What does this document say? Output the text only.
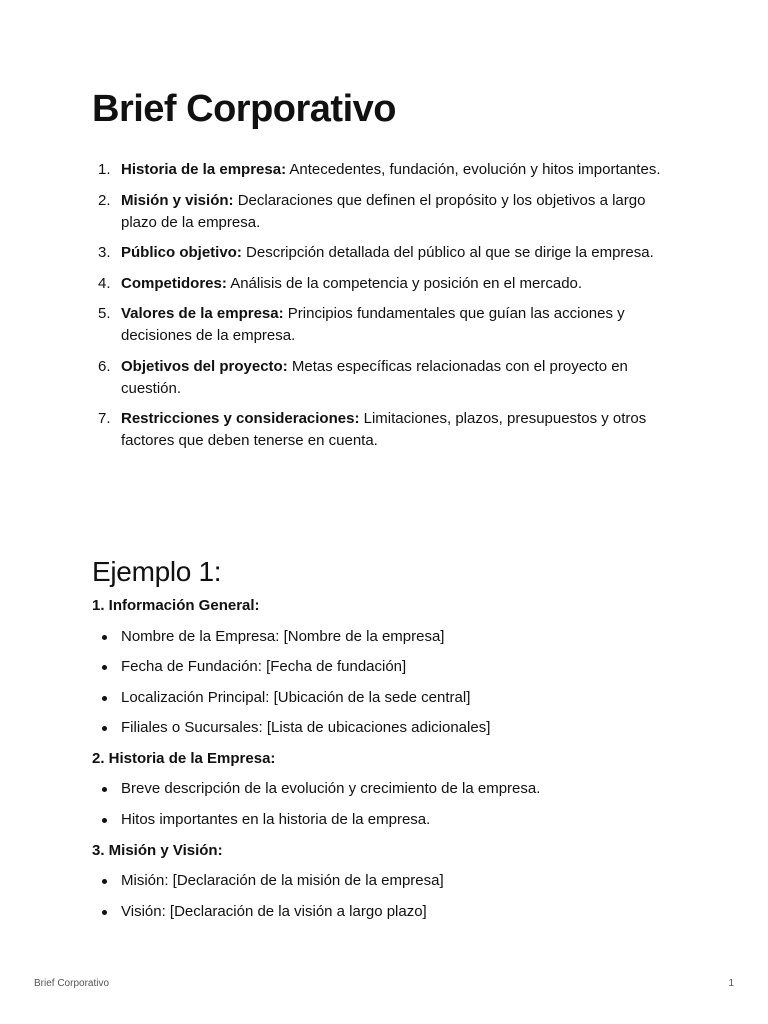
Brief Corporativo
1. Historia de la empresa: Antecedentes, fundación, evolución y hitos importantes.
2. Misión y visión: Declaraciones que definen el propósito y los objetivos a largo plazo de la empresa.
3. Público objetivo: Descripción detallada del público al que se dirige la empresa.
4. Competidores: Análisis de la competencia y posición en el mercado.
5. Valores de la empresa: Principios fundamentales que guían las acciones y decisiones de la empresa.
6. Objetivos del proyecto: Metas específicas relacionadas con el proyecto en cuestión.
7. Restricciones y consideraciones: Limitaciones, plazos, presupuestos y otros factores que deben tenerse en cuenta.
Ejemplo 1:

1. Información General:

Nombre de la Empresa: [Nombre de la empresa]
Fecha de Fundación: [Fecha de fundación]
Localización Principal: [Ubicación de la sede central]
Filiales o Sucursales: [Lista de ubicaciones adicionales]

2. Historia de la Empresa:

Breve descripción de la evolución y crecimiento de la empresa.
Hitos importantes en la historia de la empresa.

3. Misión y Visión:

Misión: [Declaración de la misión de la empresa]
Visión: [Declaración de la visión a largo plazo]
Brief Corporativo	1
